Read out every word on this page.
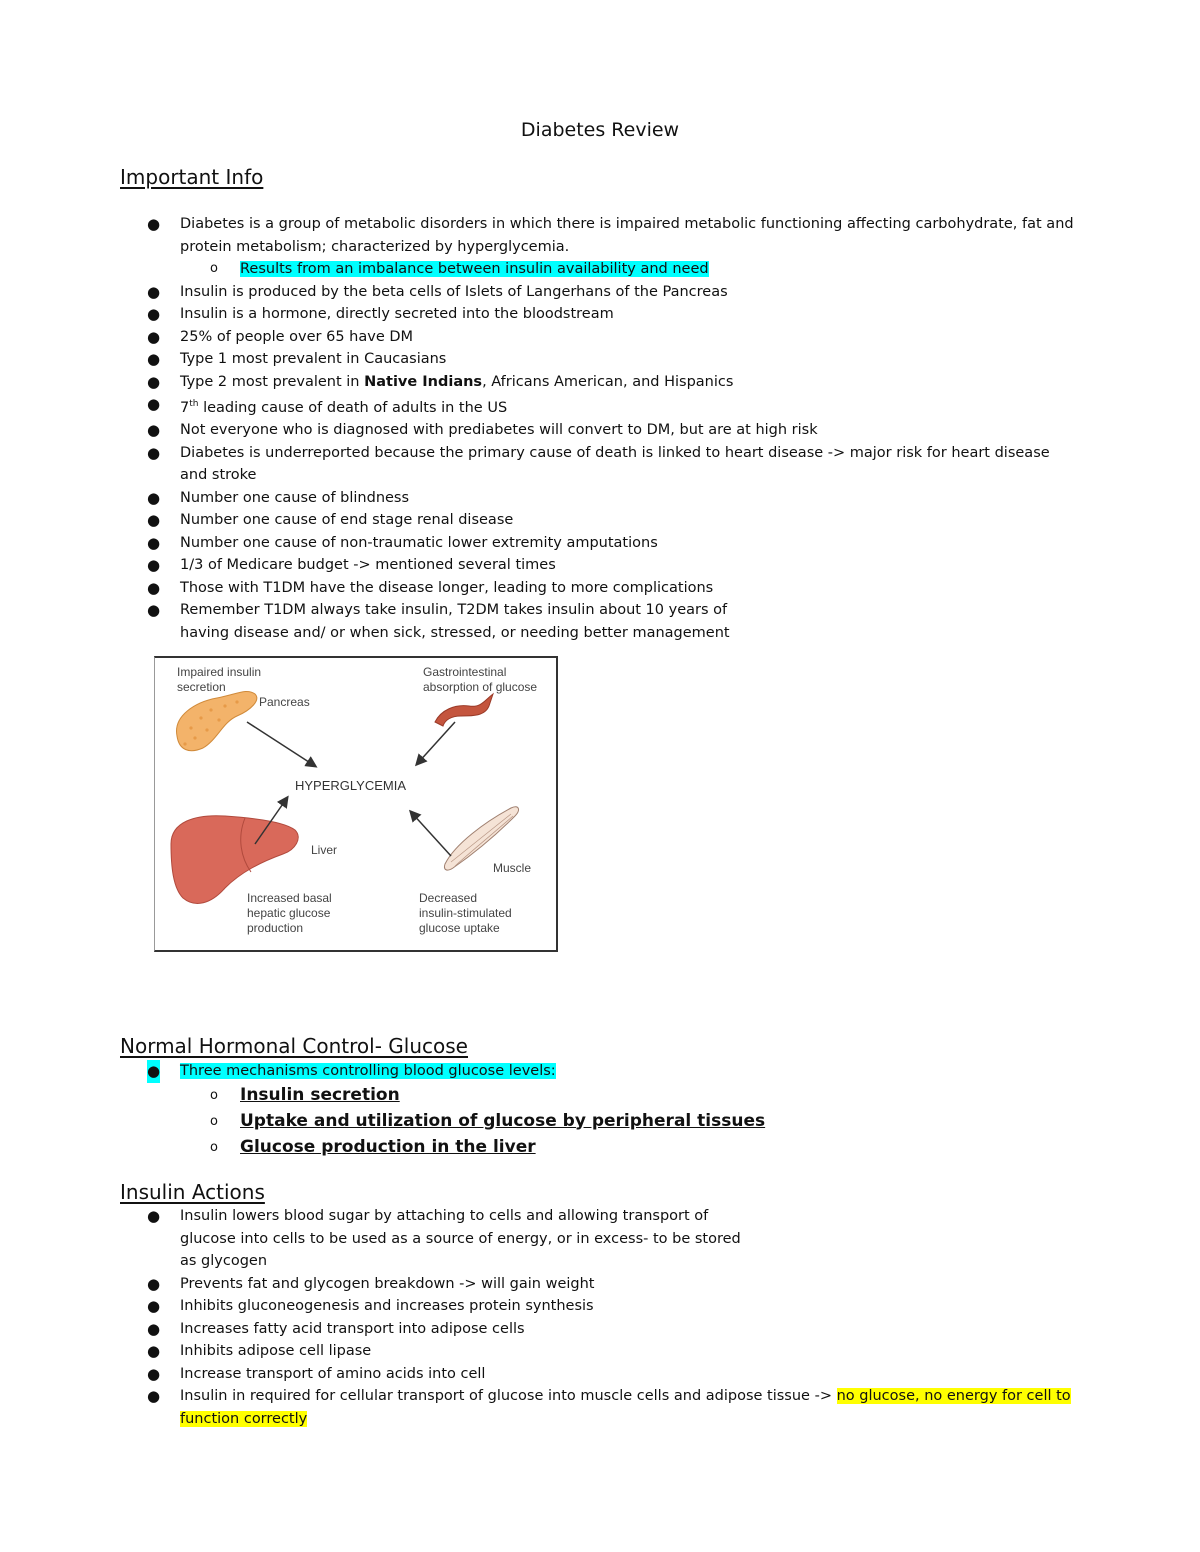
Diabetes Review
Important Info
● Diabetes is a group of metabolic disorders in which there is impaired metabolic functioning affecting carbohydrate, fat and protein metabolism; characterized by hyperglycemia.
o Results from an imbalance between insulin availability and need
● Insulin is produced by the beta cells of Islets of Langerhans of the Pancreas
● Insulin is a hormone, directly secreted into the bloodstream
● 25% of people over 65 have DM
● Type 1 most prevalent in Caucasians
● Type 2 most prevalent in Native Indians, Africans American, and Hispanics
● 7th leading cause of death of adults in the US
● Not everyone who is diagnosed with prediabetes will convert to DM, but are at high risk
● Diabetes is underreported because the primary cause of death is linked to heart disease -> major risk for heart disease and stroke
● Number one cause of blindness
● Number one cause of end stage renal disease
● Number one cause of non-traumatic lower extremity amputations
● 1/3 of Medicare budget -> mentioned several times
● Those with T1DM have the disease longer, leading to more complications
● Remember T1DM always take insulin, T2DM takes insulin about 10 years of
having disease and/ or when sick, stressed, or needing better management
Impaired insulin
secretion
Pancreas
Gastrointestinal
absorption of glucose
HYPERGLYCEMIA
Liver
Muscle
Increased basal
hepatic glucose
production
Decreased
insulin-stimulated
glucose uptake
Normal Hormonal Control- Glucose
● Three mechanisms controlling blood glucose levels:
o Insulin secretion
o Uptake and utilization of glucose by peripheral tissues
o Glucose production in the liver
Insulin Actions
● Insulin lowers blood sugar by attaching to cells and allowing transport of
glucose into cells to be used as a source of energy, or in excess- to be stored
as glycogen
● Prevents fat and glycogen breakdown -> will gain weight
● Inhibits gluconeogenesis and increases protein synthesis
● Increases fatty acid transport into adipose cells
● Inhibits adipose cell lipase
● Increase transport of amino acids into cell
● Insulin in required for cellular transport of glucose into muscle cells and adipose tissue -> no glucose, no energy for cell to function correctly
